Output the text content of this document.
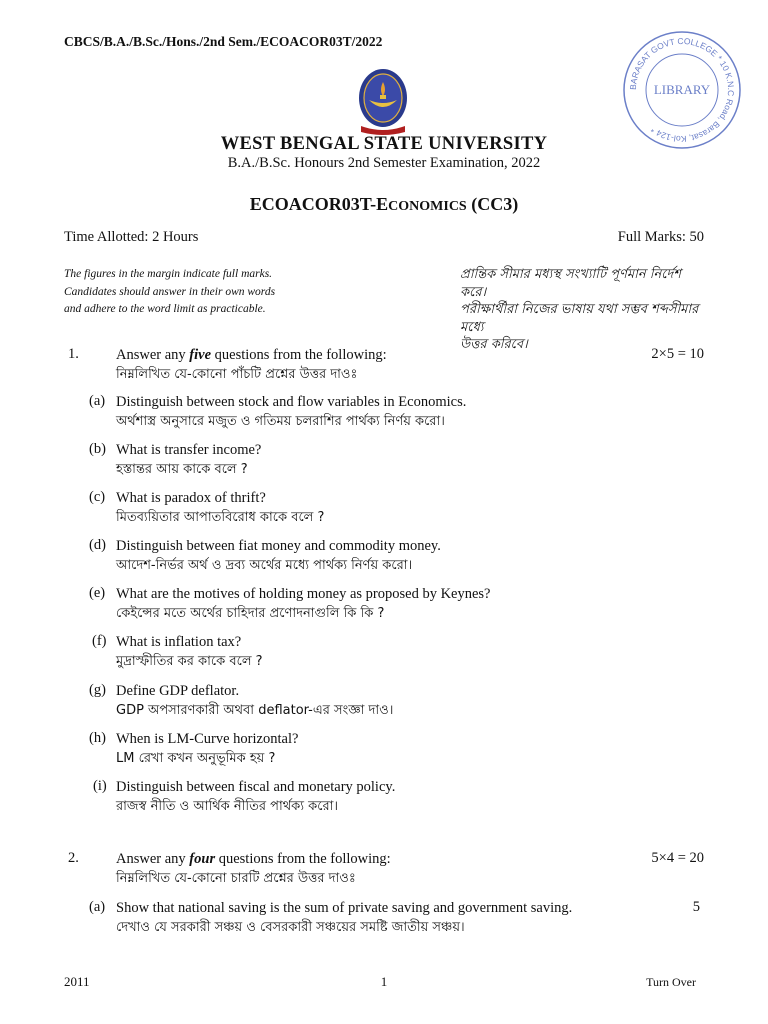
CBCS/B.A./B.Sc./Hons./2nd Sem./ECOACOR03T/2022
BARASAT GOVT COLLEGE * 10 K.N.C Road, Barasat, Kol-124 *
LIBRARY
WEST BENGAL STATE UNIVERSITY
B.A./B.Sc. Honours 2nd Semester Examination, 2022
ECOACOR03T-ECONOMICS (CC3)
Time Allotted: 2 Hours	Full Marks: 50
The figures in the margin indicate full marks.
Candidates should answer in their own words
and adhere to the word limit as practicable.
প্রান্তিক সীমার মধ্যস্থ সংখ্যাটি পূর্ণমান নির্দেশ করে।
পরীক্ষার্থীরা নিজের ভাষায় যথা সম্ভব শব্দসীমার মধ্যে
উত্তর করিবে।
1.	Answer any five questions from the following:
নিম্নলিখিত যে-কোনো পাঁচটি প্রশ্নের উত্তর দাওঃ
2×5 = 10
(a) Distinguish between stock and flow variables in Economics.
অর্থশাস্ত্র অনুসারে মজুত ও গতিময় চলরাশির পার্থক্য নির্ণয় করো।
(b) What is transfer income?
হস্তান্তর আয় কাকে বলে ?
(c) What is paradox of thrift?
মিতব্যয়িতার আপাতবিরোধ কাকে বলে ?
(d) Distinguish between fiat money and commodity money.
আদেশ-নির্ভর অর্থ ও দ্রব্য অর্থের মধ্যে পার্থক্য নির্ণয় করো।
(e) What are the motives of holding money as proposed by Keynes?
কেইন্সের মতে অর্থের চাহিদার প্রণোদনাগুলি কি কি ?
(f) What is inflation tax?
মুদ্রাস্ফীতির কর কাকে বলে ?
(g) Define GDP deflator.
GDP অপসারণকারী অথবা deflator-এর সংজ্ঞা দাও।
(h) When is LM-Curve horizontal?
LM রেখা কখন অনুভূমিক হয় ?
(i) Distinguish between fiscal and monetary policy.
রাজস্ব নীতি ও আর্থিক নীতির পার্থক্য করো।
2.	Answer any four questions from the following:
নিম্নলিখিত যে-কোনো চারটি প্রশ্নের উত্তর দাওঃ
5×4 = 20
(a) Show that national saving is the sum of private saving and government saving.
দেখাও যে সরকারী সঞ্চয় ও বেসরকারী সঞ্চয়ের সমষ্টি জাতীয় সঞ্চয়।
5
2011	1	Turn Over
